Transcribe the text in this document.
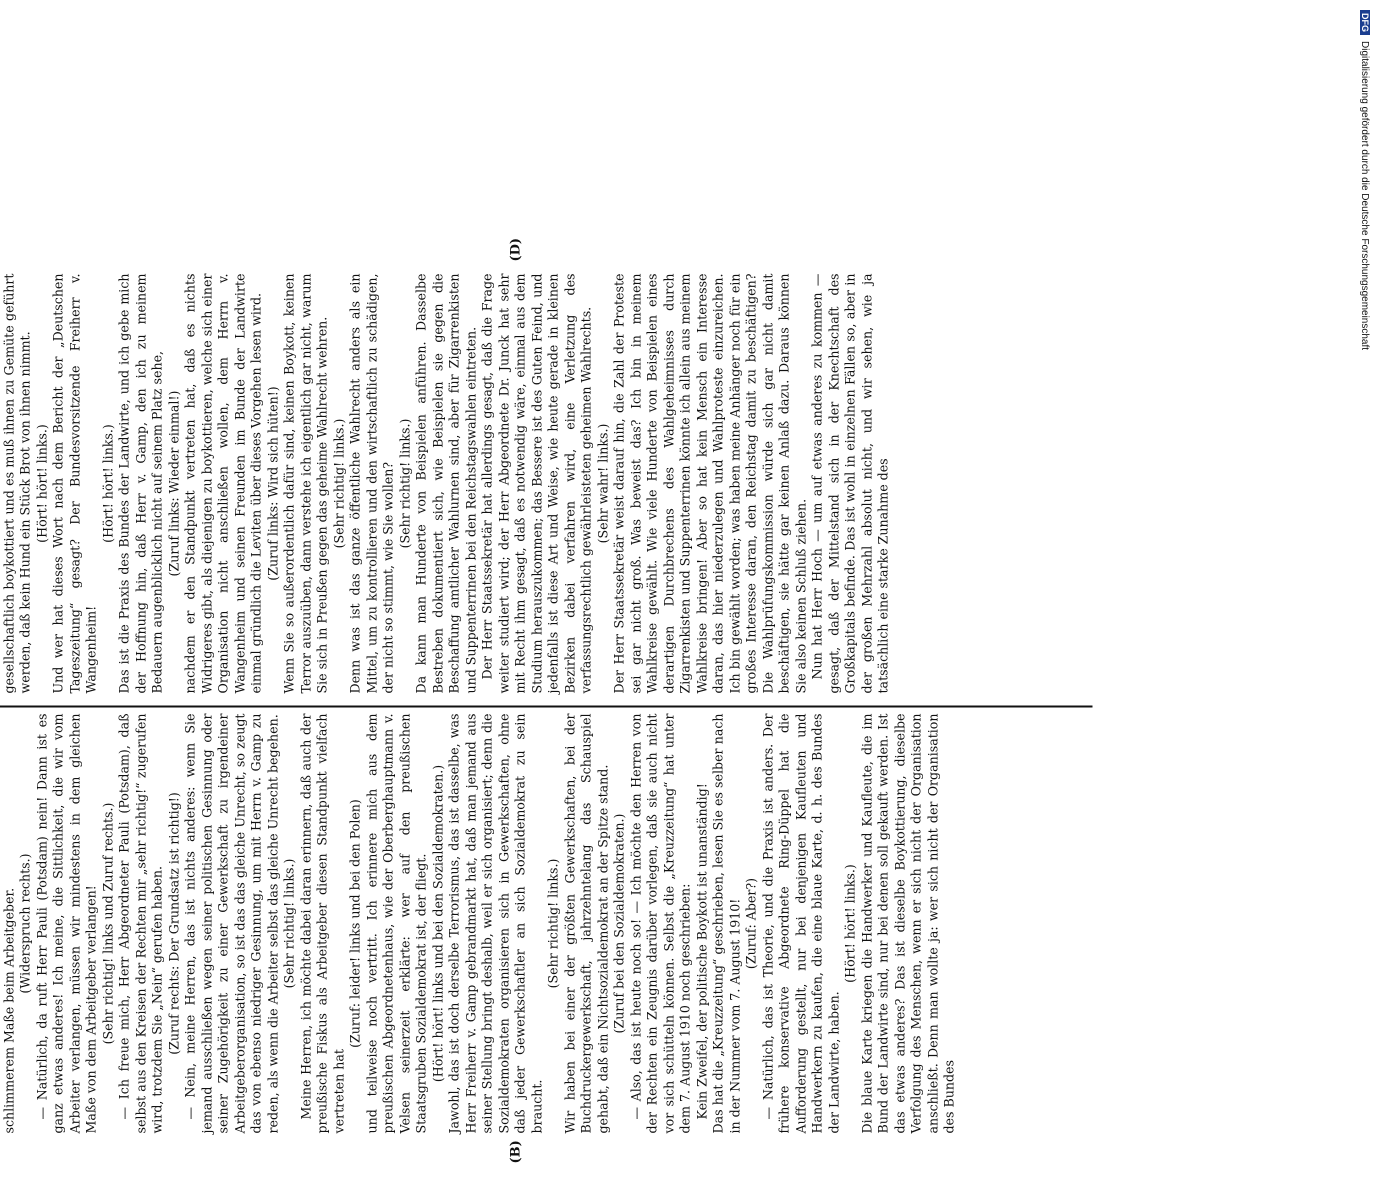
(B)
(D)

schlimmerem Maße beim Arbeitgeber. (Widerspruch rechts.) — Natürlich, da ruft Herr Pauli (Potsdam) nein! Dann ist es ganz etwas anderes! Ich meine, die Sittlichkeit, die wir vom Arbeiter verlangen, müssen wir mindestens in dem gleichen Maße von dem Arbeitgeber verlangen! (Sehr richtig! links und Zuruf rechts.) — Ich freue mich, Herr Abgeordneter Pauli (Potsdam), daß selbst aus den Kreisen der Rechten mir „sehr richtig!“ zugerufen wird, trotzdem Sie „Nein“ gerufen haben. (Zuruf rechts: Der Grundsatz ist richtig!) — Nein, meine Herren, das ist nichts anderes: wenn Sie jemand ausschließen wegen seiner politischen Gesinnung oder seiner Zugehörigkeit zu einer Gewerkschaft zu irgendeiner Arbeitgeberorganisation, so ist das das gleiche Unrecht, so zeugt das von ebenso niedriger Gesinnung, um mit Herrn v. Gamp zu reden, als wenn die Arbeiter selbst das gleiche Unrecht begehen. (Sehr richtig! links.) Meine Herren, ich möchte dabei daran erinnern, daß auch der preußische Fiskus als Arbeitgeber diesen Standpunkt vielfach vertreten hat

(Zuruf: leider! links und bei den Polen) und teilweise noch vertritt. Ich erinnere mich aus dem preußischen Abgeordnetenhaus, wie der Oberberghauptmann v. Velsen seinerzeit erklärte: wer auf den preußischen Staatsgruben Sozialdemokrat ist, der fliegt. (Hört! hört! links und bei den Sozialdemokraten.) Jawohl, das ist doch derselbe Terrorismus, das ist dasselbe, was Herr Freiherr v. Gamp gebrandmarkt hat, daß man jemand aus seiner Stellung bringt deshalb, weil er sich organisiert; denn die Sozialdemokraten organisieren sich in Gewerkschaften, ohne daß jeder Gewerkschaftler an sich Sozialdemokrat zu sein braucht.

(Sehr richtig! links.) Wir haben bei einer der größten Gewerkschaften, bei der Buchdruckergewerkschaft, jahrzehntelang das Schauspiel gehabt, daß ein Nichtsozialdemokrat an der Spitze stand. (Zuruf bei den Sozialdemokraten.) — Also, das ist heute noch so! — Ich möchte den Herren von der Rechten ein Zeugnis darüber vorlegen, daß sie auch nicht vor sich schütteln können. Selbst die „Kreuzzeitung“ hat unter dem 7. August 1910 noch geschrieben: Kein Zweifel, der politische Boykott ist unanständig! Das hat die „Kreuzzeitung“ geschrieben, lesen Sie es selber nach in der Nummer vom 7. August 1910! (Zuruf: Aber?) — Natürlich, das ist Theorie, und die Praxis ist anders. Der frühere konservative Abgeordnete Ring-Düppel hat die Aufforderung gestellt, nur bei denjenigen Kaufleuten und Handwerkern zu kaufen, die eine blaue Karte, d. h. des Bundes der Landwirte, haben.

(Hört! hört! links.) Die blaue Karte kriegen die Handwerker und Kaufleute, die im Bund der Landwirte sind, nur bei denen soll gekauft werden. Ist das etwas anderes? Das ist dieselbe Boykottierung, dieselbe Verfolgung des Menschen, wenn er sich nicht der Organisation anschließt. Denn man wollte ja: wer sich nicht der Organisation des Bundes

gesellschaftlich boykottiert und es muß ihnen zu Gemüte geführt werden, daß kein Hund ein Stück Brot von ihnen nimmt.

(Hört! hört! links.) Und wer hat dieses Wort nach dem Bericht der „Deutschen Tageszeitung“ gesagt? Der Bundesvorsitzende Freiherr v. Wangenheim!

(Hört! hört! links.) Das ist die Praxis des Bundes der Landwirte, und ich gebe mich der Hoffnung hin, daß Herr v. Gamp, den ich zu meinem Bedauern augenblicklich nicht auf seinem Platz sehe, (Zuruf links: Wieder einmal!) nachdem er den Standpunkt vertreten hat, daß es nichts Widrigeres gibt, als diejenigen zu boykottieren, welche sich einer Organisation nicht anschließen wollen, dem Herrn v. Wangenheim und seinen Freunden im Bunde der Landwirte einmal gründlich die Leviten über dieses Vorgehen lesen wird. (Zuruf links: Wird sich hüten!) Wenn Sie so außerordentlich dafür sind, keinen Boykott, keinen Terror auszuüben, dann verstehe ich eigentlich gar nicht, warum Sie sich in Preußen gegen das geheime Wahlrecht wehren. (Sehr richtig! links.) Denn was ist das ganze öffentliche Wahlrecht anders als ein Mittel, um zu kontrollieren und den wirtschaftlich zu schädigen, der nicht so stimmt, wie Sie wollen? (Sehr richtig! links.) Da kann man Hunderte von Beispielen anführen. Dasselbe Bestreben dokumentiert sich, wie Beispielen sie gegen die Beschaffung amtlicher Wahlurnen sind, aber für Zigarrenkisten und Suppenterrinen bei den Reichstagswahlen eintreten. Der Herr Staatssekretär hat allerdings gesagt, daß die Frage weiter studiert wird; der Herr Abgeordnete Dr. Junck hat sehr mit Recht ihm gesagt, daß es notwendig wäre, einmal aus dem Studium herauszukommen; das Bessere ist des Guten Feind, und jedenfalls ist diese Art und Weise, wie heute gerade in kleinen Bezirken dabei verfahren wird, eine Verletzung des verfassungsrechtlich gewährleisteten geheimen Wahlrechts. (Sehr wahr! links.) Der Herr Staatssekretär weist darauf hin, die Zahl der Proteste sei gar nicht groß. Was beweist das? Ich bin in meinem Wahlkreise gewählt. Wie viele Hunderte von Beispielen eines derartigen Durchbrechens des Wahlgeheimnisses durch Zigarrenkisten und Suppenterrinen könnte ich allein aus meinem Wahlkreise bringen! Aber so hat kein Mensch ein Interesse daran, das hier niederzulegen und Wahlproteste einzureichen. Ich bin gewählt worden; was haben meine Anhänger noch für ein großes Interesse daran, den Reichstag damit zu beschäftigen? Die Wahlprüfungskommission würde sich gar nicht damit beschäftigen, sie hätte gar keinen Anlaß dazu. Daraus können Sie also keinen Schluß ziehen. Nun hat Herr Hoch — um auf etwas anderes zu kommen — gesagt, daß der Mittelstand sich in der Knechtschaft des Großkapitals befinde. Das ist wohl in einzelnen Fällen so, aber in der großen Mehrzahl absolut nicht, und wir sehen, wie ja tatsächlich eine starke Zunahme des

DFGDigitalisierung gefördert durch die Deutsche Forschungsgemeinschaft
